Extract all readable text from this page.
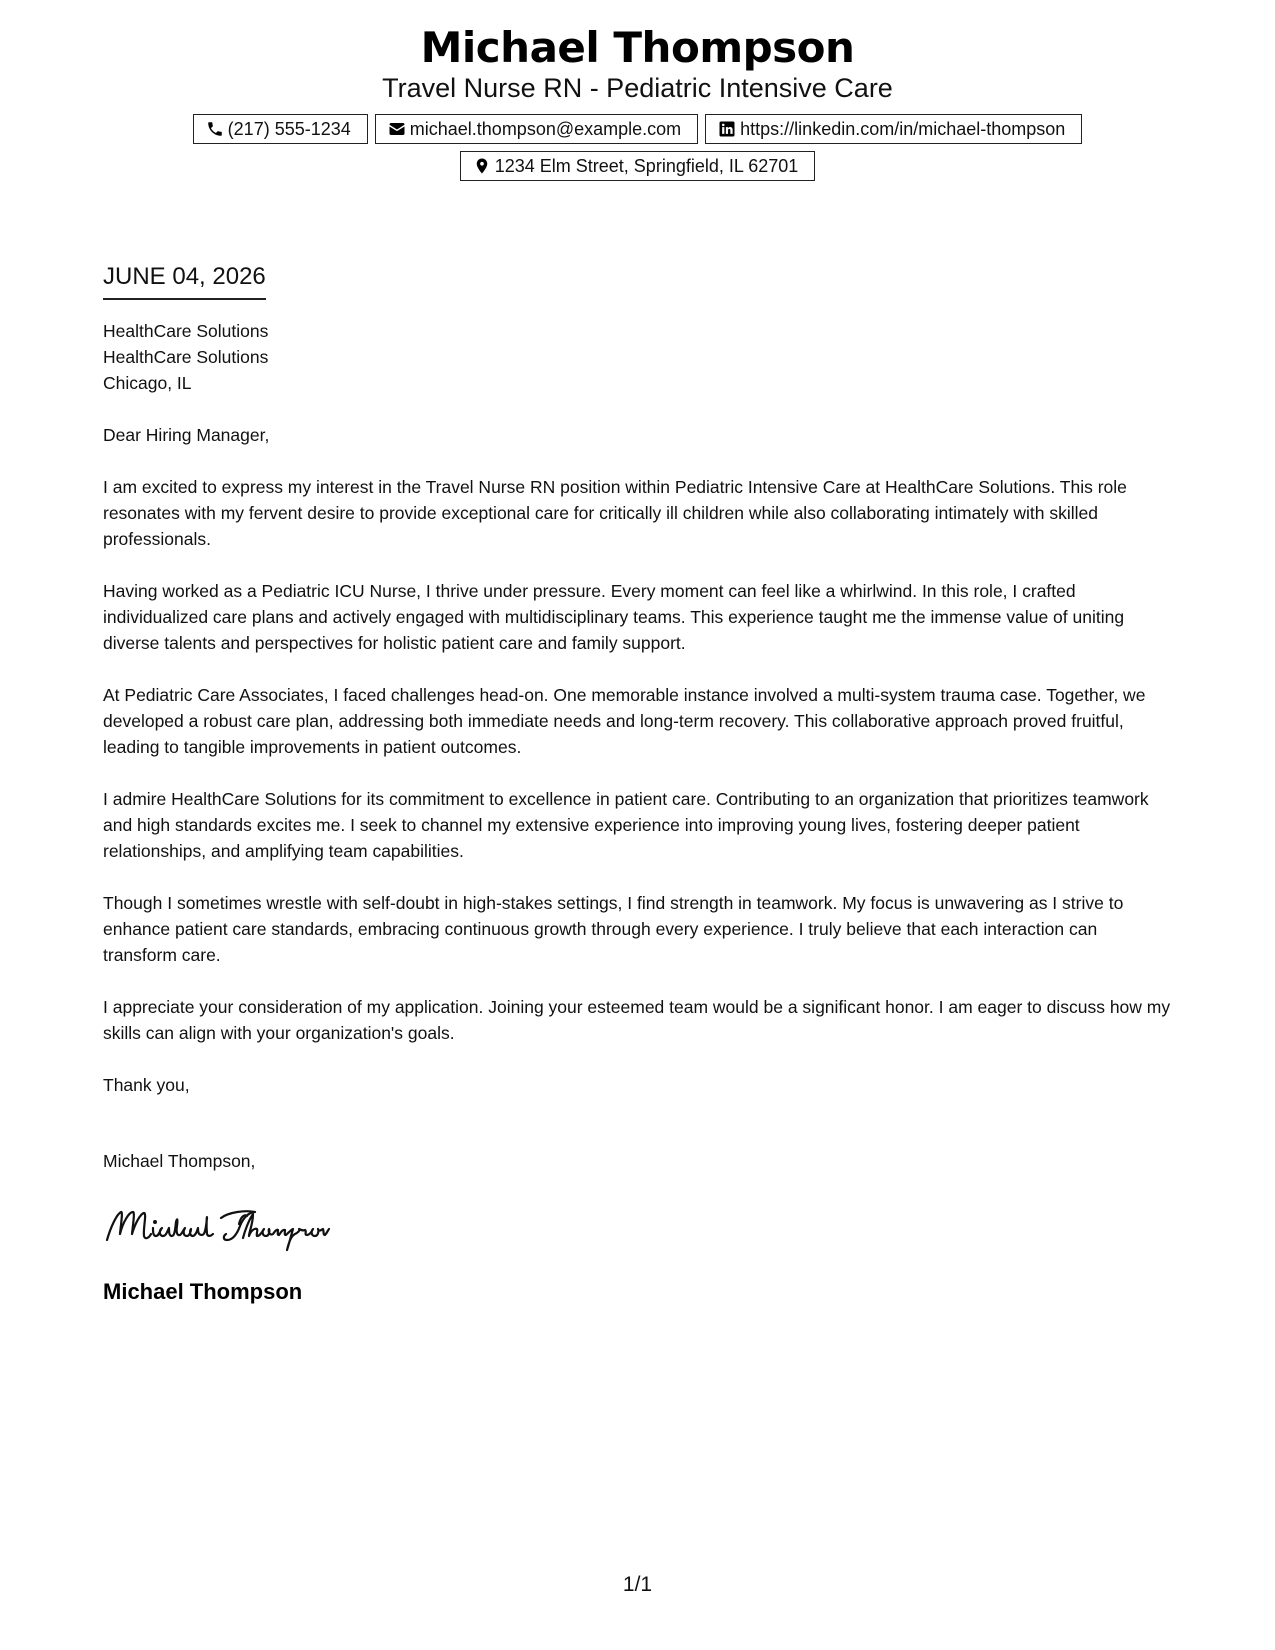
Michael Thompson
Travel Nurse RN - Pediatric Intensive Care
(217) 555-1234	michael.thompson@example.com	https://linkedin.com/in/michael-thompson
1234 Elm Street, Springfield, IL 62701
JUNE 04, 2026
HealthCare Solutions
HealthCare Solutions
Chicago, IL
Dear Hiring Manager,
I am excited to express my interest in the Travel Nurse RN position within Pediatric Intensive Care at HealthCare Solutions. This role resonates with my fervent desire to provide exceptional care for critically ill children while also collaborating intimately with skilled professionals.
Having worked as a Pediatric ICU Nurse, I thrive under pressure. Every moment can feel like a whirlwind. In this role, I crafted individualized care plans and actively engaged with multidisciplinary teams. This experience taught me the immense value of uniting diverse talents and perspectives for holistic patient care and family support.
At Pediatric Care Associates, I faced challenges head-on. One memorable instance involved a multi-system trauma case. Together, we developed a robust care plan, addressing both immediate needs and long-term recovery. This collaborative approach proved fruitful, leading to tangible improvements in patient outcomes.
I admire HealthCare Solutions for its commitment to excellence in patient care. Contributing to an organization that prioritizes teamwork and high standards excites me. I seek to channel my extensive experience into improving young lives, fostering deeper patient relationships, and amplifying team capabilities.
Though I sometimes wrestle with self-doubt in high-stakes settings, I find strength in teamwork. My focus is unwavering as I strive to enhance patient care standards, embracing continuous growth through every experience. I truly believe that each interaction can transform care.
I appreciate your consideration of my application. Joining your esteemed team would be a significant honor. I am eager to discuss how my skills can align with your organization's goals.
Thank you,
Michael Thompson,
Michael Thompson
1/1
